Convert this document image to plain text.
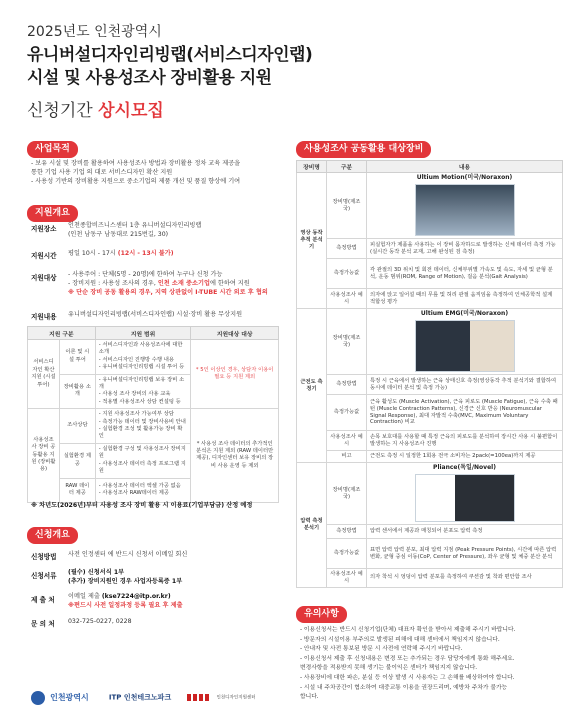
2025년도 인천광역시
유니버설디자인리빙랩(서비스디자인랩)
시설 및 사용성조사 장비활용 지원
신청기간 상시모집
사업목적
- 보유 시설 및 장비를 활용하여 사용성조사 방법과 장비활용 정차 교육 제공을
통한 기업 사용 기업 의 대로 서비스디자인 확산 지원
- 사용성 기반의 장비활용 지원으로 중소기업의 제품 개선 및 품질 향상에 기여
지원개요
지원장소 인천종합비즈니스센터 1층 유니버설디자인리빙랩
(인천 남동구 남동대로 215번길, 30)
지원시간 평일 10시 - 17시 (12시 - 13시 불가)
지원대상 - 사용주어 : 단체(5명 - 20명)에 한하여 누구나 신청 가능
- 장비지원 : 사용성 조사의 경우, 인천 소재 중소기업에 한하여 지원
※ 단순 장비 공동 활용의 경우, 지역 상관없이 I-TUBE 시간 외로 후 협의
지원내용 유니버설디자인리빙랩(서비스디자인랩) 시설·장비 활용 무상지원
지원 구분		지원 범위	지원대상 대상
서비스디자인 확산지원 (시설투어)	이론 및 시설 투어	- 서비스디자인과 사용성조사에 대한 소개
- 서비스디자인 진행방 수행 내용
- 유니버설디자인리빙랩 시설 투어 등	* 5인 이상인 경우, 상담자 이용이 필요 등 지원 제외
	장비활용 소개	- 유니버설디자인리빙랩 보유 장비 소개
- 사용성 조사 장비의 사용 교육
- 적용별 사용성조사 상담 컨설팅 등	
사용성조사 장비 공동활용 지원 (장비활용)	조사상담	- 지원 사용성조사 가능여부 상담
- 측정가능 데이터 및 장비사용비 안내
- 실험환경 조성 및 활용가능 장비 확인	* 사용성 조사 데이터의 추가적인 분석은 지원 제외 (RAW 데이터만 제공), 디자인센터 보유 장비의 장비 사용 운영 등 제외
	실험환경 제공	- 실험환경 구성 및 사용성조사 장비지원
- 사용성조사 데이터 측정 프로그램 지원	
	RAW 데이터 제공	- 사용성조사 데이터 엑셀 가공 없음
- 사용성조사 RAW데이터 제공	
※ 차년도(2026년)부터 사용성 조사 장비 활용 시 이용료(기업부담금) 산정 예정
신청개요
신청방법 사전 인정센터 에 반드시 신청서 이메일 회신
신청서류 (필수) 신청서식 1부
(추가) 장비지원인 경우 사업자등록증 1부
제 출 처 이메일 제출 (kse7224@itp.or.kr)
※편드시 사전 일정과정 등록 필요 후 제출
문 의 처 032-725-0227, 0228
인천광역시	ITP 인천테크노파크	인천디자인지원센터
사용성조사 공동활용 대상장비
장비명	구분	내용
영상 동작 추적 분석기	장비명(제조국)	Ultium Motion(미국/Noraxon)

	측정방법	피실험자가 제품을 사용하는 이 장비 몸자하드로 발생하는 신체 데이터 측정 가능 (실시간 동작 분석 교재, 고해 완성된 검 측정)
	측정가능값	각 관절의 3D 위치 및 회전 데이터, 신체부위별 가속도 및 속도, 자세 및 균형 분석, 운동 범위(ROM, Range of Motion), 걸음 분석(Gait Analysis)
	사용성조사 예시	의자에 앉고 일어설 때의 무릎 및 허리 관절 움직임을 측정하여 인체공학적 설계 적합성 평가
근전도 측정기	장비명(제조국)	Ultium EMG(미국/Noraxon)

	측정방법	특정 시 근육에서 발생하는 근육 상태신호 측정(영상동작 추적 분석기와 결합하여 동시에 데이터 분석 및 측정 가능)
	측정가능값	근육 활성도 (Muscle Activation), 근육 피로도 (Muscle Fatigue), 근육 수축 패턴 (Muscle Contraction Patterns), 신경근 신호 반응 (Neuromuscular Signal Response), 최대 자발적 수축(MVC, Maximum Voluntary Contraction) 비교
	사용성조사 예시	손목 보호대를 사용할 때 특정 근육의 피로도를 분석하여 장시간 사용 시 불편함이 발생하는 지 사용성조사 진행
	비고	근전도 측정 시 일정한 1회용 전극 소비자는 2pack(=100ea)까지 제공
압력 측정 분석기	장비명(제조국)	Pliance(독일/Novel)

	측정방법	압력 센서에서 제공과 매칭되어 분포도 압력 측정
	측정가능값	표면 압력 압력 분포, 최대 압력 지점 (Peak Pressure Points), 시간에 따른 압력 변화, 균형 중심 이동(CoP, Center of Pressure), 좌우 균형 및 체중 분산 분석
	사용성조사 예시	의자 착석 시 엉덩이 압력 분포를 측정하여 쿠션감 및 착좌 편안함 조사
유의사항
- 이용신청서는 반드시 신청기업(단체) 대표자 확인을 받아서 제출해 주시기 바랍니다.
- 방문자의 시설이용 부주의로 발생된 피해에 대해 센터에서 책임지지 않습니다.
- 안내자 및 사전 통보된 방문 시 사전에 연락해 주시기 바랍니다.
- 이용신청서 제출 후 신청내용은 변경 또는 추가되는 경우 담당자에게 통화 해주세요.
변경사항을 적용받지 못해 생기는 불이익은 센터가 책임지지 않습니다.
- 사용장비에 대한 파손, 분실 등 이상 발생 시 사용자는 그 손해를 배상하여야 합니다.
- 시설 내 주차공간이 협소하여 대중교통 이용을 권장드리며, 예방차 주차가 불가능
합니다.
